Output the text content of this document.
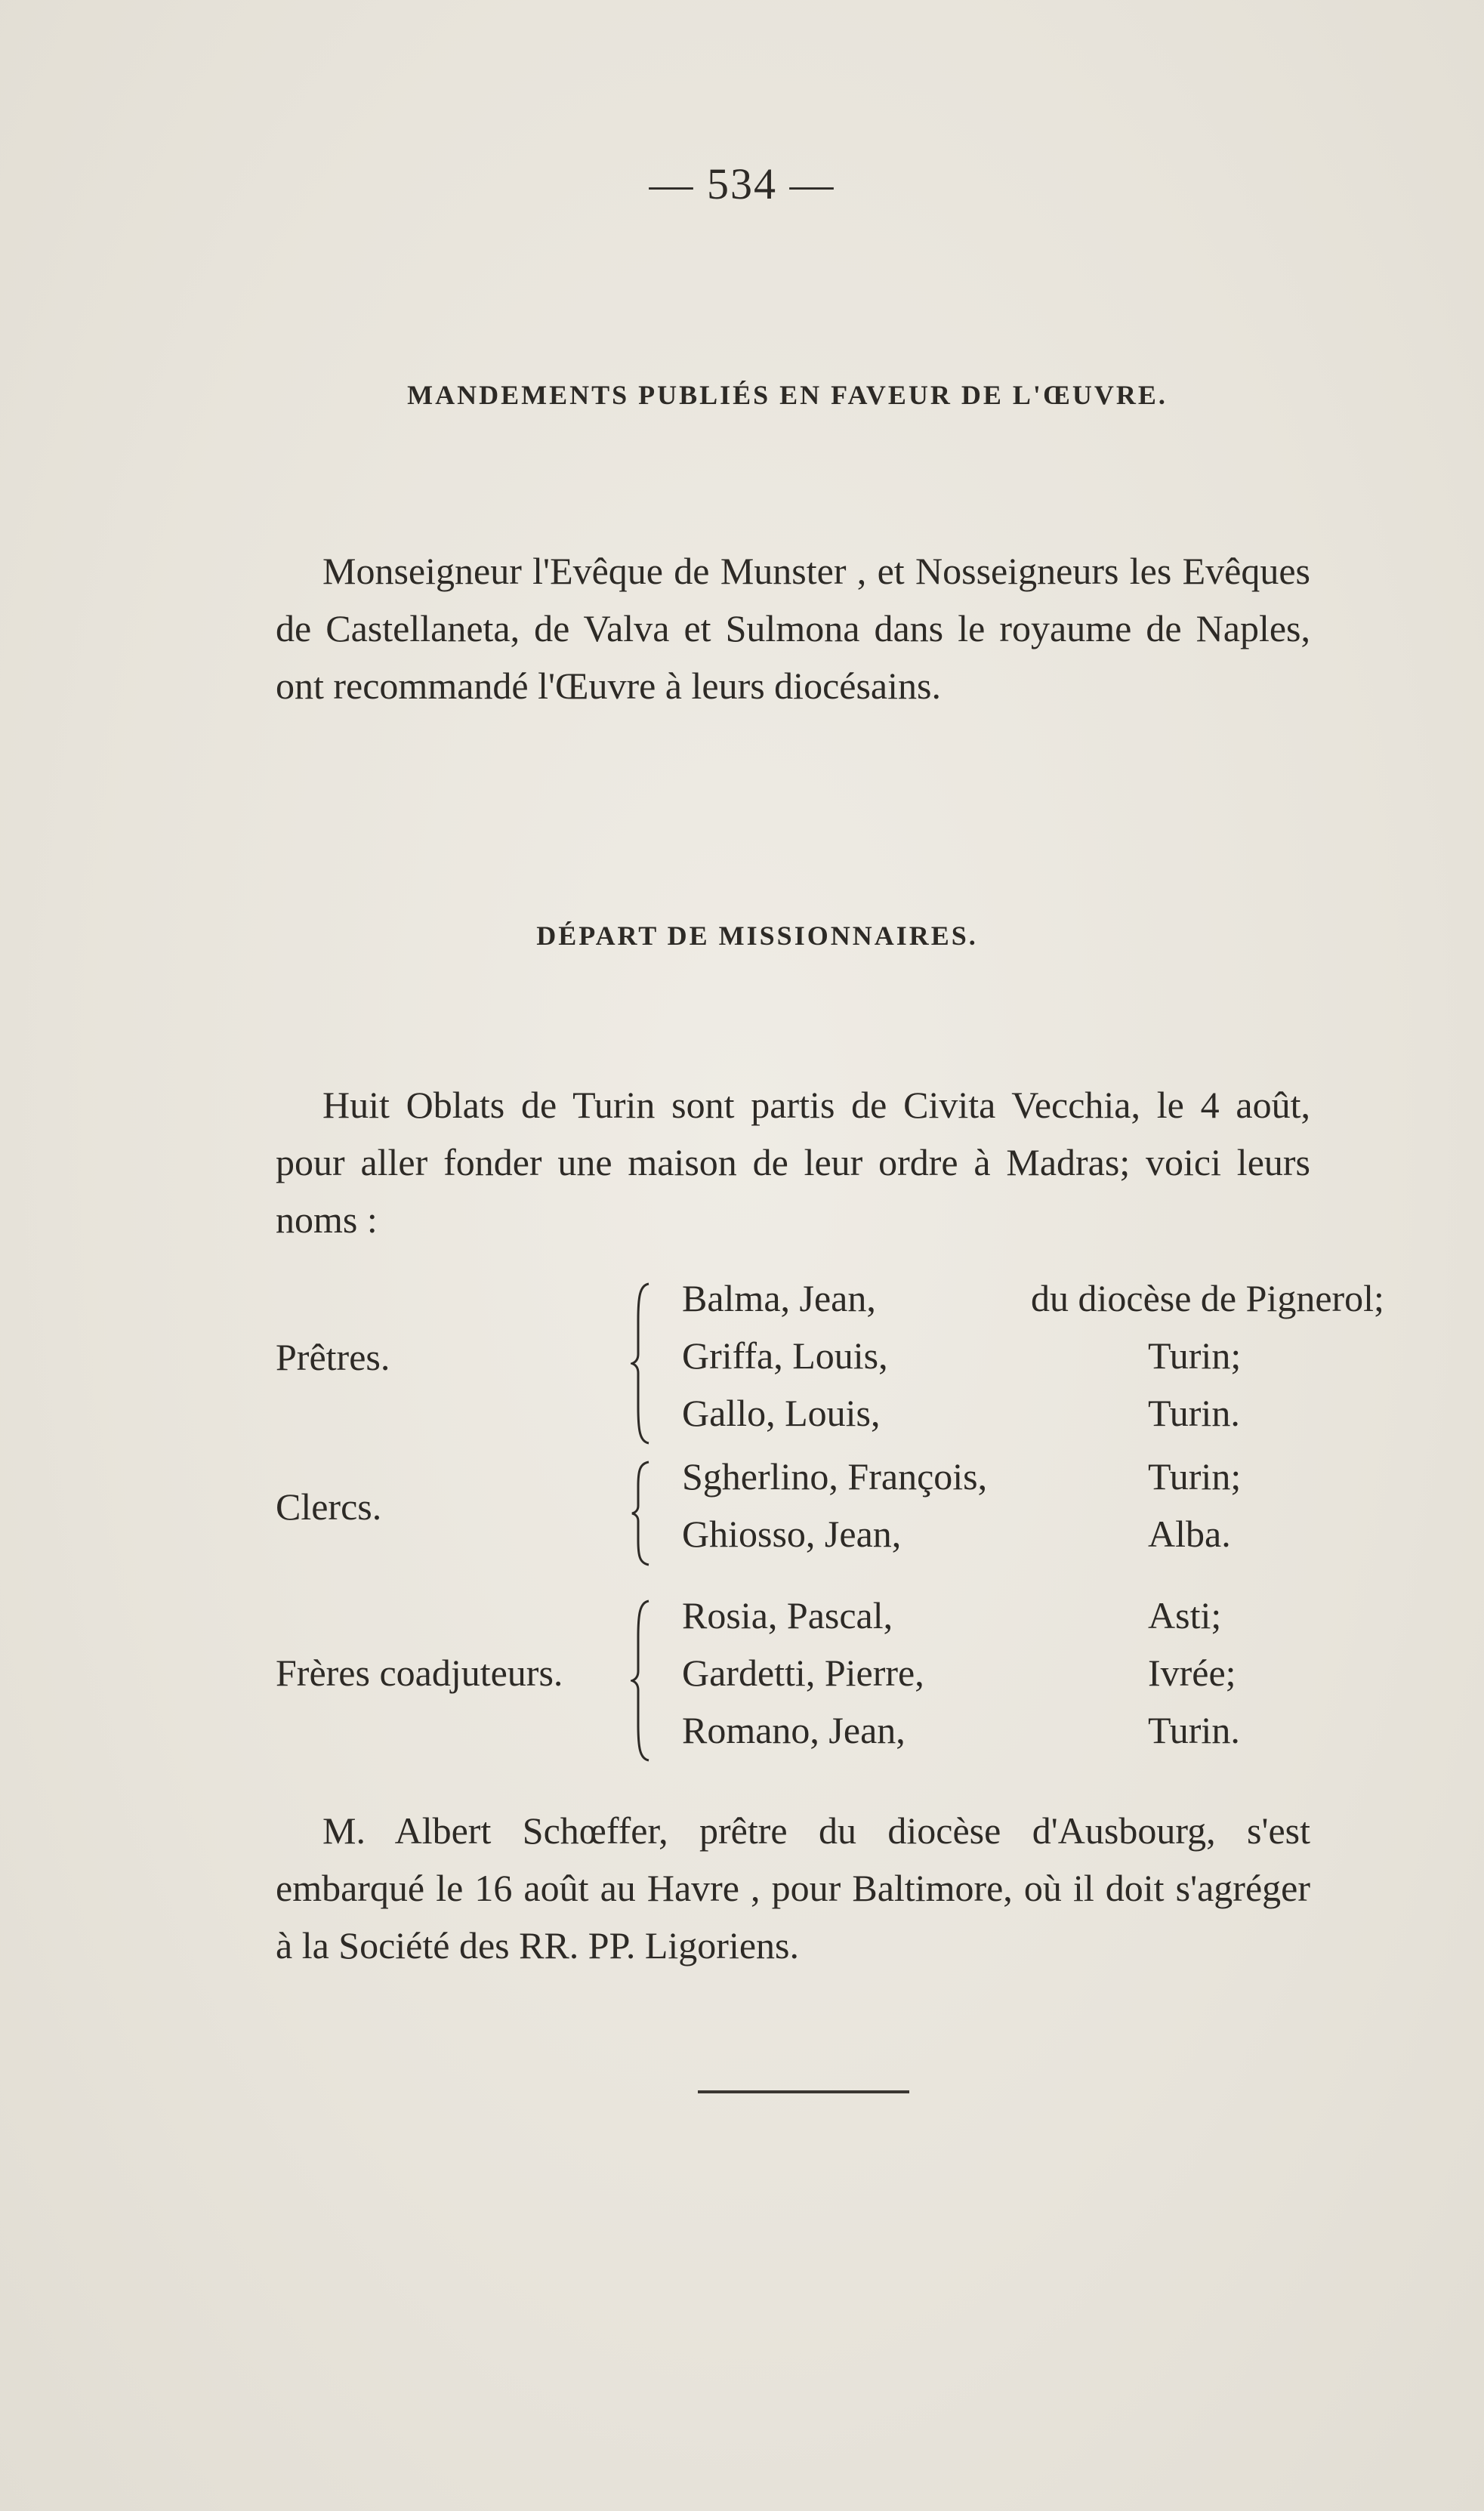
— 534 —
MANDEMENTS PUBLIÉS EN FAVEUR DE L'ŒUVRE.

Monseigneur l'Evêque de Munster , et Nosseigneurs les Evêques de Castellaneta, de Valva et Sulmona dans le royaume de Naples, ont recommandé l'Œuvre à leurs diocésains.

DÉPART DE MISSIONNAIRES.

Huit Oblats de Turin sont partis de Civita Vecchia, le 4 août, pour aller fonder une maison de leur ordre à Madras; voici leurs noms :

Prêtres.
Balma, Jean,	du diocèse de Pignerol;
Griffa, Louis,	Turin;
Gallo, Louis,	Turin.
Clercs.
Sgherlino, François,	Turin;
Ghiosso, Jean,	Alba.
Frères coadjuteurs.
Rosia, Pascal,	Asti;
Gardetti, Pierre,	Ivrée;
Romano, Jean,	Turin.

M. Albert Schœffer, prêtre du diocèse d'Ausbourg, s'est embarqué le 16 août au Havre , pour Baltimore, où il doit s'agréger à la Société des RR. PP. Ligoriens.
